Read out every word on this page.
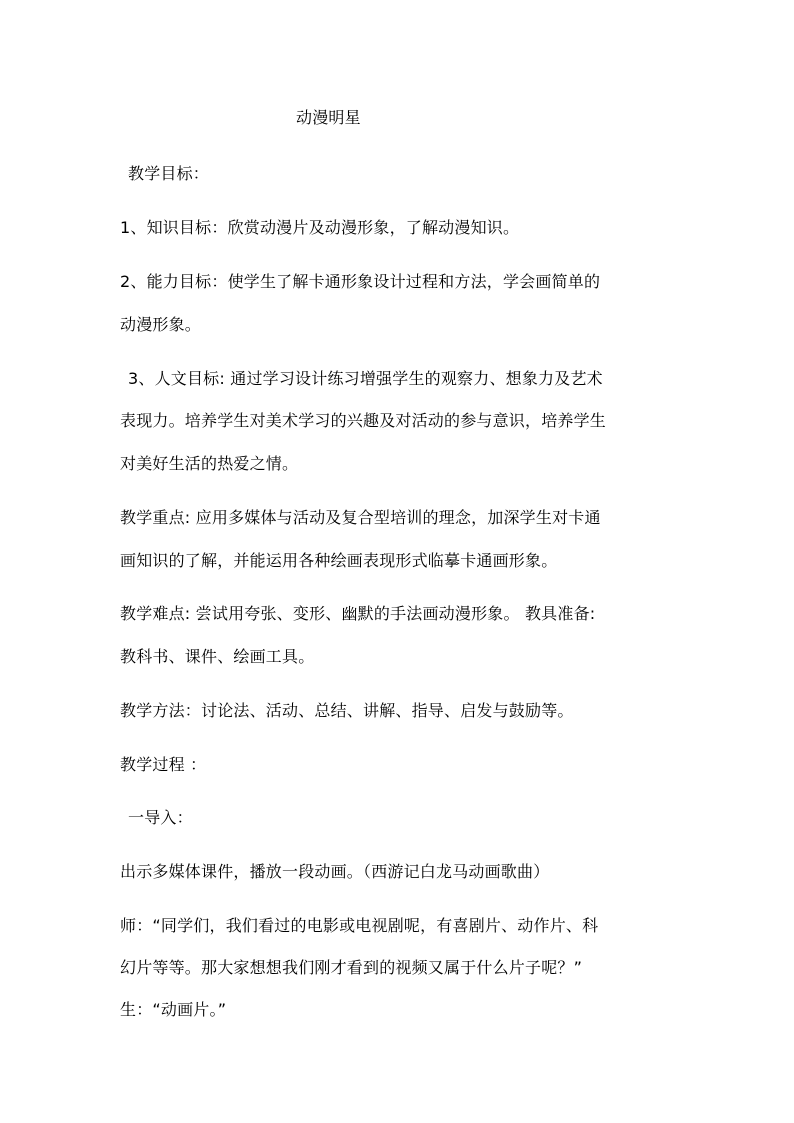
动漫明星
教学目标：
1、知识目标：欣赏动漫片及动漫形象，了解动漫知识。
2、能力目标：使学生了解卡通形象设计过程和方法，学会画简单的
动漫形象。
3、人文目标: 通过学习设计练习增强学生的观察力、想象力及艺术
表现力。培养学生对美术学习的兴趣及对活动的参与意识，培养学生
对美好生活的热爱之情。
教学重点: 应用多媒体与活动及复合型培训的理念，加深学生对卡通
画知识的了解，并能运用各种绘画表现形式临摹卡通画形象。
教学难点: 尝试用夸张、变形、幽默的手法画动漫形象。 教具准备:
教科书、课件、绘画工具。
教学方法：讨论法、活动、总结、讲解、指导、启发与鼓励等。
教学过程 ：
一导入：
出示多媒体课件，播放一段动画。（西游记白龙马动画歌曲）
师：“同学们，我们看过的电影或电视剧呢，有喜剧片、动作片、科
幻片等等。那大家想想我们刚才看到的视频又属于什么片子呢？”
生：“动画片。”
